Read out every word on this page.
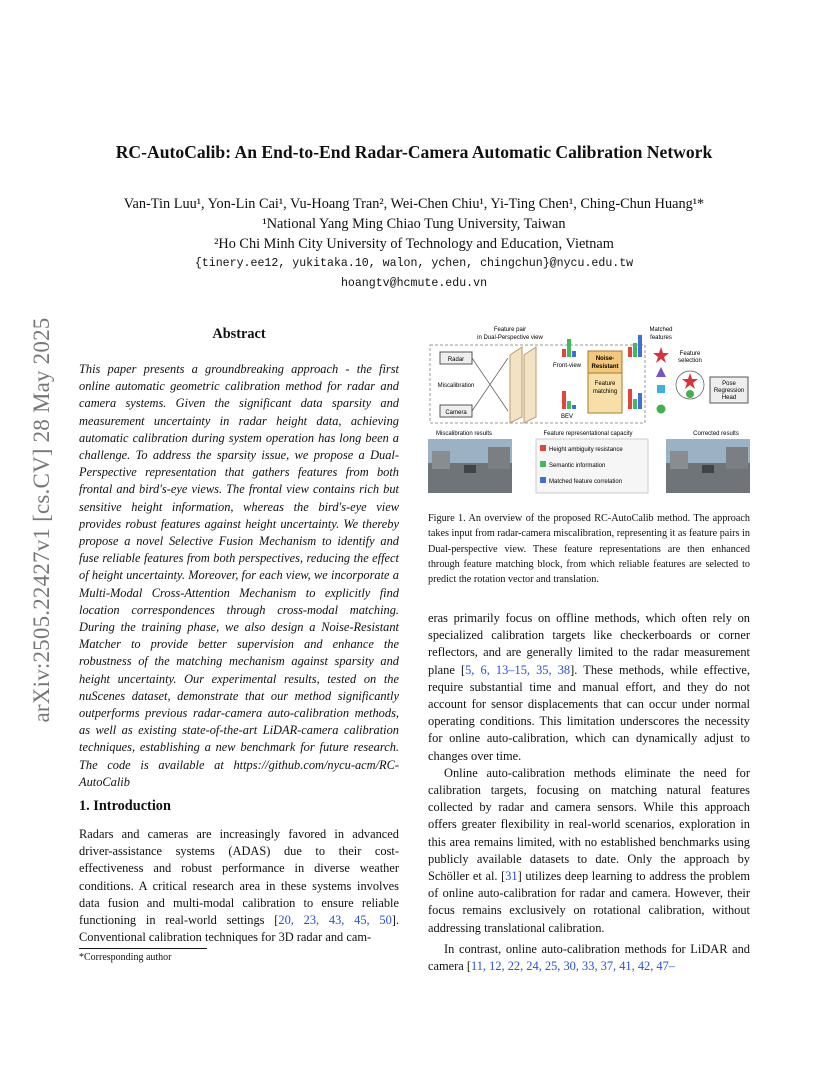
arXiv:2505.22427v1 [cs.CV] 28 May 2025
RC-AutoCalib: An End-to-End Radar-Camera Automatic Calibration Network
Van-Tin Luu¹, Yon-Lin Cai¹, Vu-Hoang Tran², Wei-Chen Chiu¹, Yi-Ting Chen¹, Ching-Chun Huang¹*
¹National Yang Ming Chiao Tung University, Taiwan
²Ho Chi Minh City University of Technology and Education, Vietnam
{tinery.ee12, yukitaka.10, walon, ychen, chingchun}@nycu.edu.tw
hoangtv@hcmute.edu.vn
Abstract
This paper presents a groundbreaking approach - the first online automatic geometric calibration method for radar and camera systems. Given the significant data sparsity and measurement uncertainty in radar height data, achieving automatic calibration during system operation has long been a challenge. To address the sparsity issue, we propose a Dual-Perspective representation that gathers features from both frontal and bird's-eye views. The frontal view contains rich but sensitive height information, whereas the bird's-eye view provides robust features against height uncertainty. We thereby propose a novel Selective Fusion Mechanism to identify and fuse reliable features from both perspectives, reducing the effect of height uncertainty. Moreover, for each view, we incorporate a Multi-Modal Cross-Attention Mechanism to explicitly find location correspondences through cross-modal matching. During the training phase, we also design a Noise-Resistant Matcher to provide better supervision and enhance the robustness of the matching mechanism against sparsity and height uncertainty. Our experimental results, tested on the nuScenes dataset, demonstrate that our method significantly outperforms previous radar-camera auto-calibration methods, as well as existing state-of-the-art LiDAR-camera calibration techniques, establishing a new benchmark for future research. The code is available at https://github.com/nycu-acm/RC-AutoCalib
1. Introduction

Radars and cameras are increasingly favored in advanced driver-assistance systems (ADAS) due to their cost-effectiveness and robust performance in diverse weather conditions. A critical research area in these systems involves data fusion and multi-modal calibration to ensure reliable functioning in real-world settings [20, 23, 43, 45, 50]. Conventional calibration techniques for 3D radar and cam-

*Corresponding author
Feature pair
in Dual-Perspective view
Matched
features
Radar
Miscalibration
Camera
Front-view
BEV
Noise-
Resistant
Feature
matching
Feature
selection
Pose
Regression
Head
Miscalibration results	Feature representational capacity	Corrected results
Height ambiguity resistance
Semantic information
Matched feature correlation
Figure 1. An overview of the proposed RC-AutoCalib method. The approach takes input from radar-camera miscalibration, representing it as feature pairs in Dual-perspective view. These feature representations are then enhanced through feature matching block, from which reliable features are selected to predict the rotation vector and translation.

eras primarily focus on offline methods, which often rely on specialized calibration targets like checkerboards or corner reflectors, and are generally limited to the radar measurement plane [5, 6, 13–15, 35, 38]. These methods, while effective, require substantial time and manual effort, and they do not account for sensor displacements that can occur under normal operating conditions. This limitation underscores the necessity for online auto-calibration, which can dynamically adjust to changes over time.

Online auto-calibration methods eliminate the need for calibration targets, focusing on matching natural features collected by radar and camera sensors. While this approach offers greater flexibility in real-world scenarios, exploration in this area remains limited, with no established benchmarks using publicly available datasets to date. Only the approach by Schöller et al. [31] utilizes deep learning to address the problem of online auto-calibration for radar and camera. However, their focus remains exclusively on rotational calibration, without addressing translational calibration.

In contrast, online auto-calibration methods for LiDAR and camera [11, 12, 22, 24, 25, 30, 33, 37, 41, 42, 47–
